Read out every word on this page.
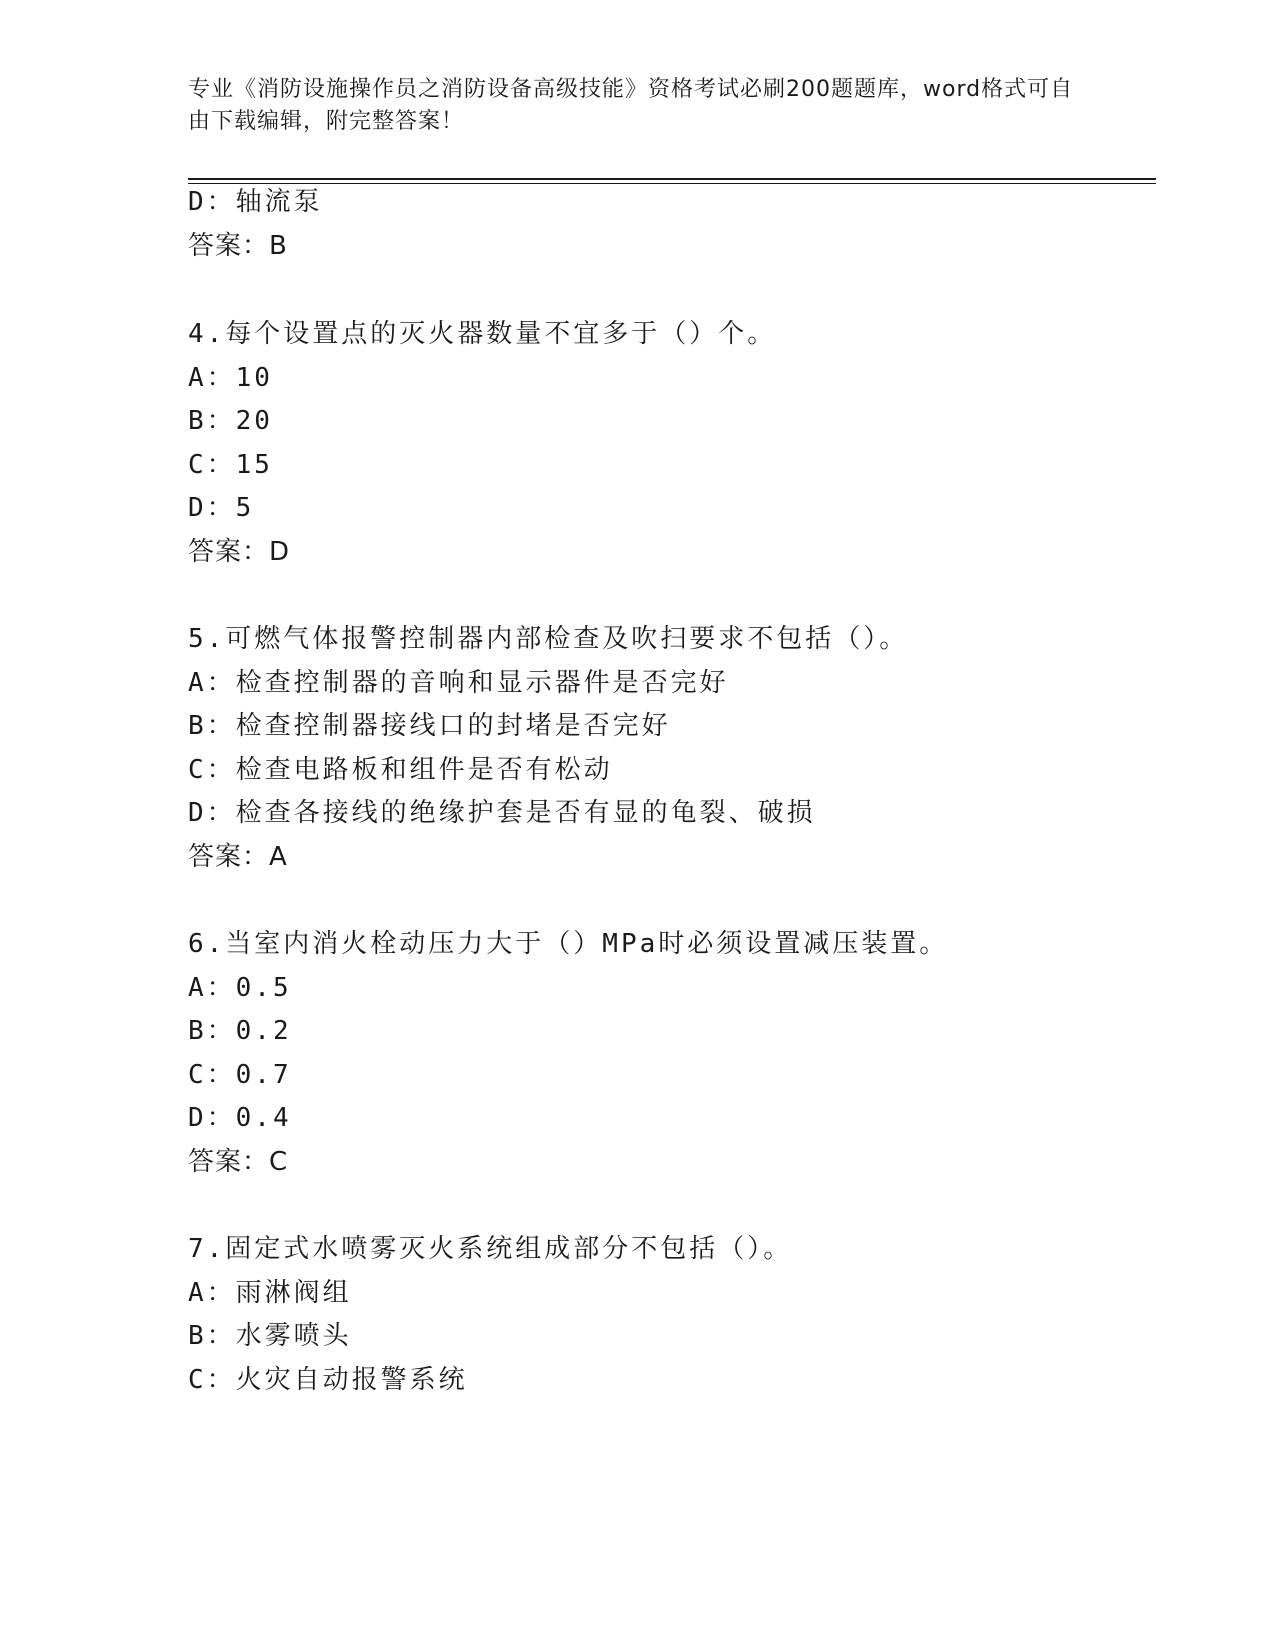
专业《消防设施操作员之消防设备高级技能》资格考试必刷200题题库，word格式可自由下载编辑，附完整答案！
D：轴流泵
答案：B
4.每个设置点的灭火器数量不宜多于（）个。
A：10
B：20
C：15
D：5
答案：D
5.可燃气体报警控制器内部检查及吹扫要求不包括（）。
A：检查控制器的音响和显示器件是否完好
B：检查控制器接线口的封堵是否完好
C：检查电路板和组件是否有松动
D：检查各接线的绝缘护套是否有显的龟裂、破损
答案：A
6.当室内消火栓动压力大于（）MPa时必须设置减压装置。
A：0.5
B：0.2
C：0.7
D：0.4
答案：C
7.固定式水喷雾灭火系统组成部分不包括（）。
A：雨淋阀组
B：水雾喷头
C：火灾自动报警系统
